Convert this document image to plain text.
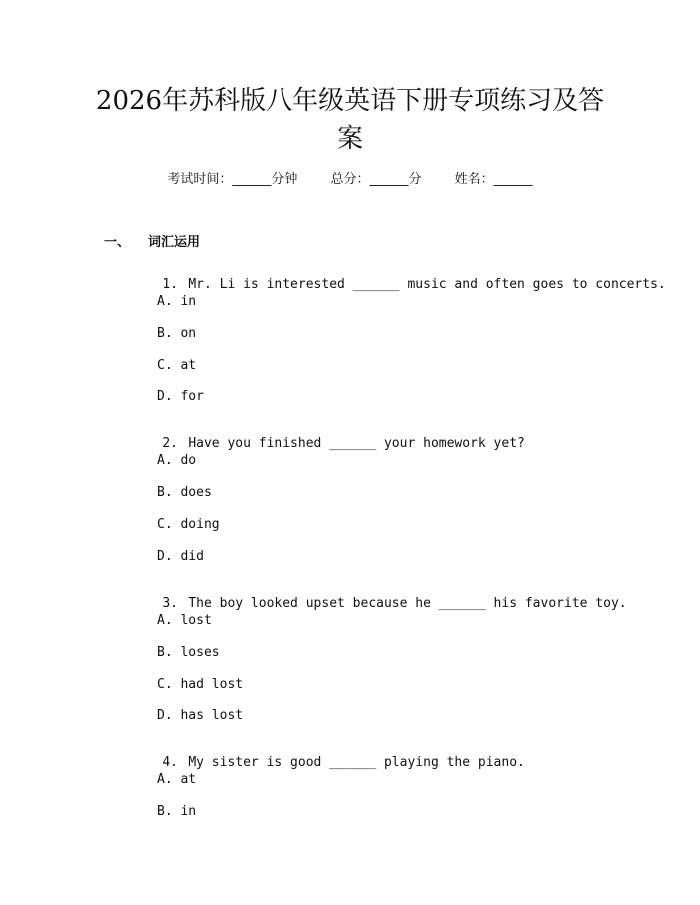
2026年苏科版八年级英语下册专项练习及答案
考试时间：______分钟	总分：______分	姓名：______
一、 词汇运用

1. Mr. Li is interested ______ music and often goes to concerts.

A. in
B. on
C. at
D. for

2. Have you finished ______ your homework yet?

A. do
B. does
C. doing
D. did

3. The boy looked upset because he ______ his favorite toy.

A. lost
B. loses
C. had lost
D. has lost

4. My sister is good ______ playing the piano.

A. at
B. in
